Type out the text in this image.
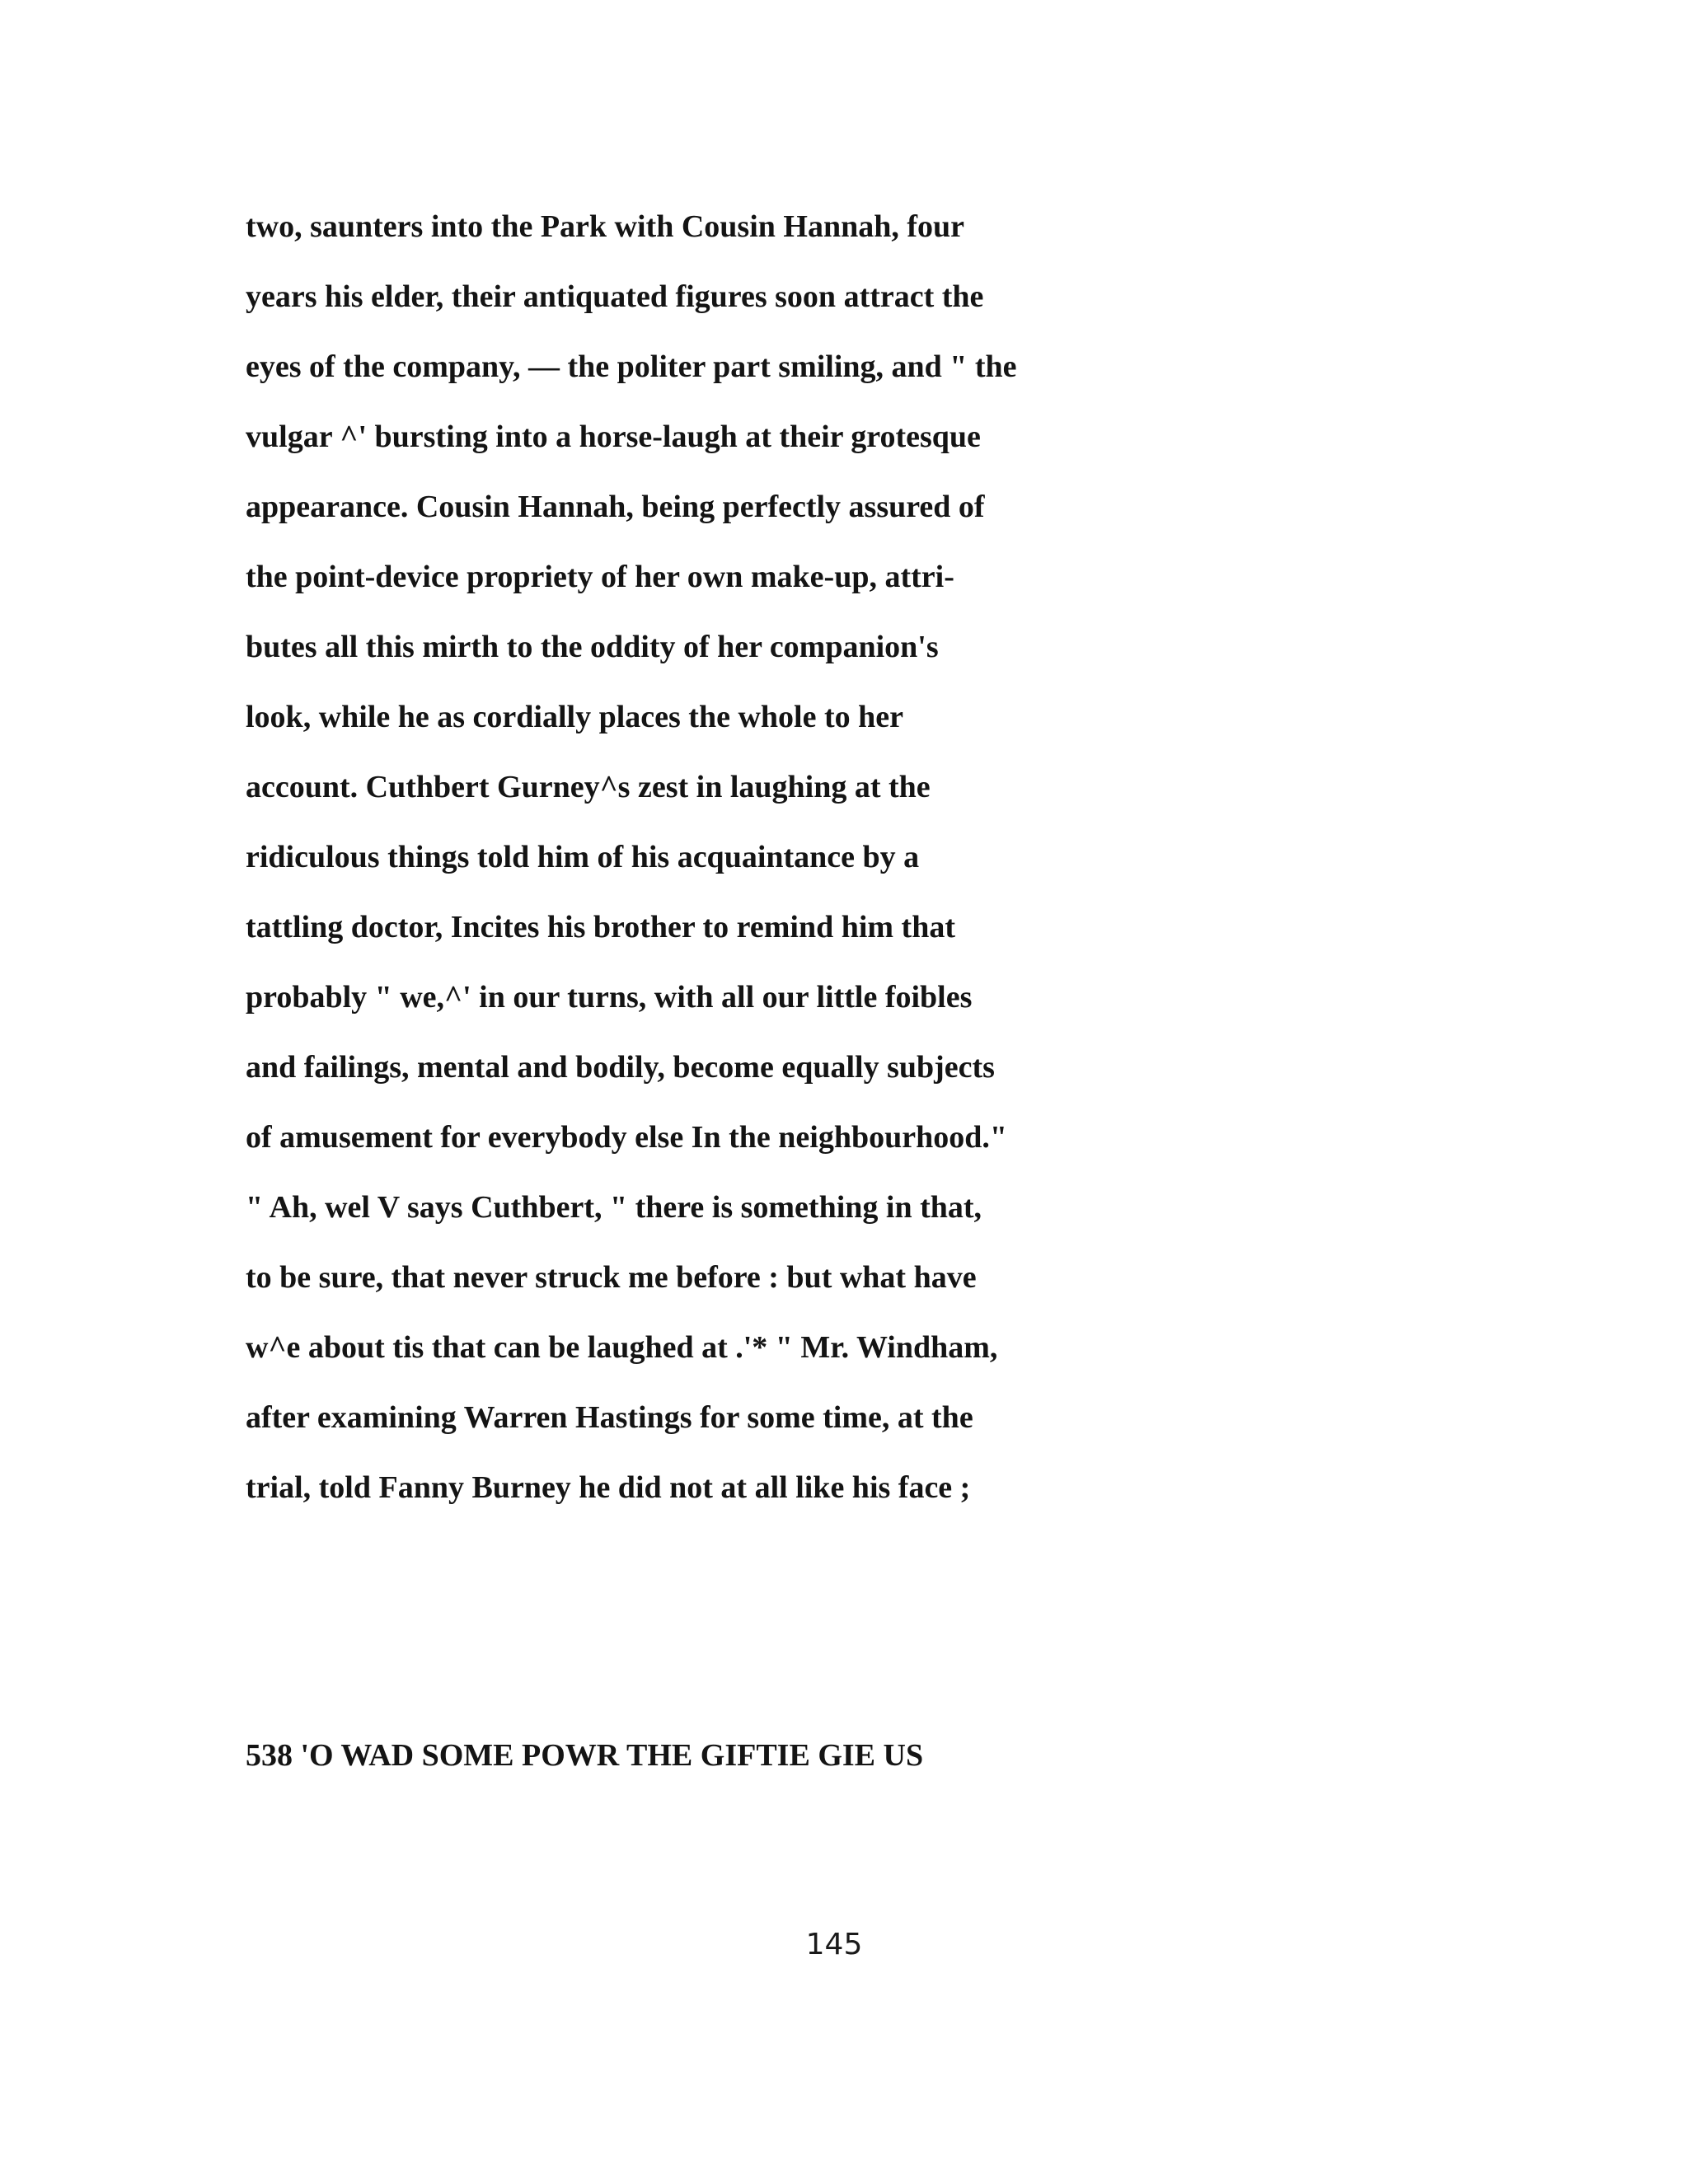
two, saunters into the Park with Cousin Hannah, four
years his elder, their antiquated figures soon attract the
eyes of the company, — the politer part smiling, and " the
vulgar ^' bursting into a horse-laugh at their grotesque
appearance. Cousin Hannah, being perfectly assured of
the point-device propriety of her own make-up, attri-
butes all this mirth to the oddity of her companion's
look, while he as cordially places the whole to her
account. Cuthbert Gurney^s zest in laughing at the
ridiculous things told him of his acquaintance by a
tattling doctor, Incites his brother to remind him that
probably " we,^' in our turns, with all our little foibles
and failings, mental and bodily, become equally subjects
of amusement for everybody else In the neighbourhood."
" Ah, wel V says Cuthbert, " there is something in that,
to be sure, that never struck me before : but what have
w^e about tis that can be laughed at .'* " Mr. Windham,
after examining Warren Hastings for some time, at the
trial, told Fanny Burney he did not at all like his face ;

538 'O WAD SOME POWR THE GIFTIE GIE US

145
